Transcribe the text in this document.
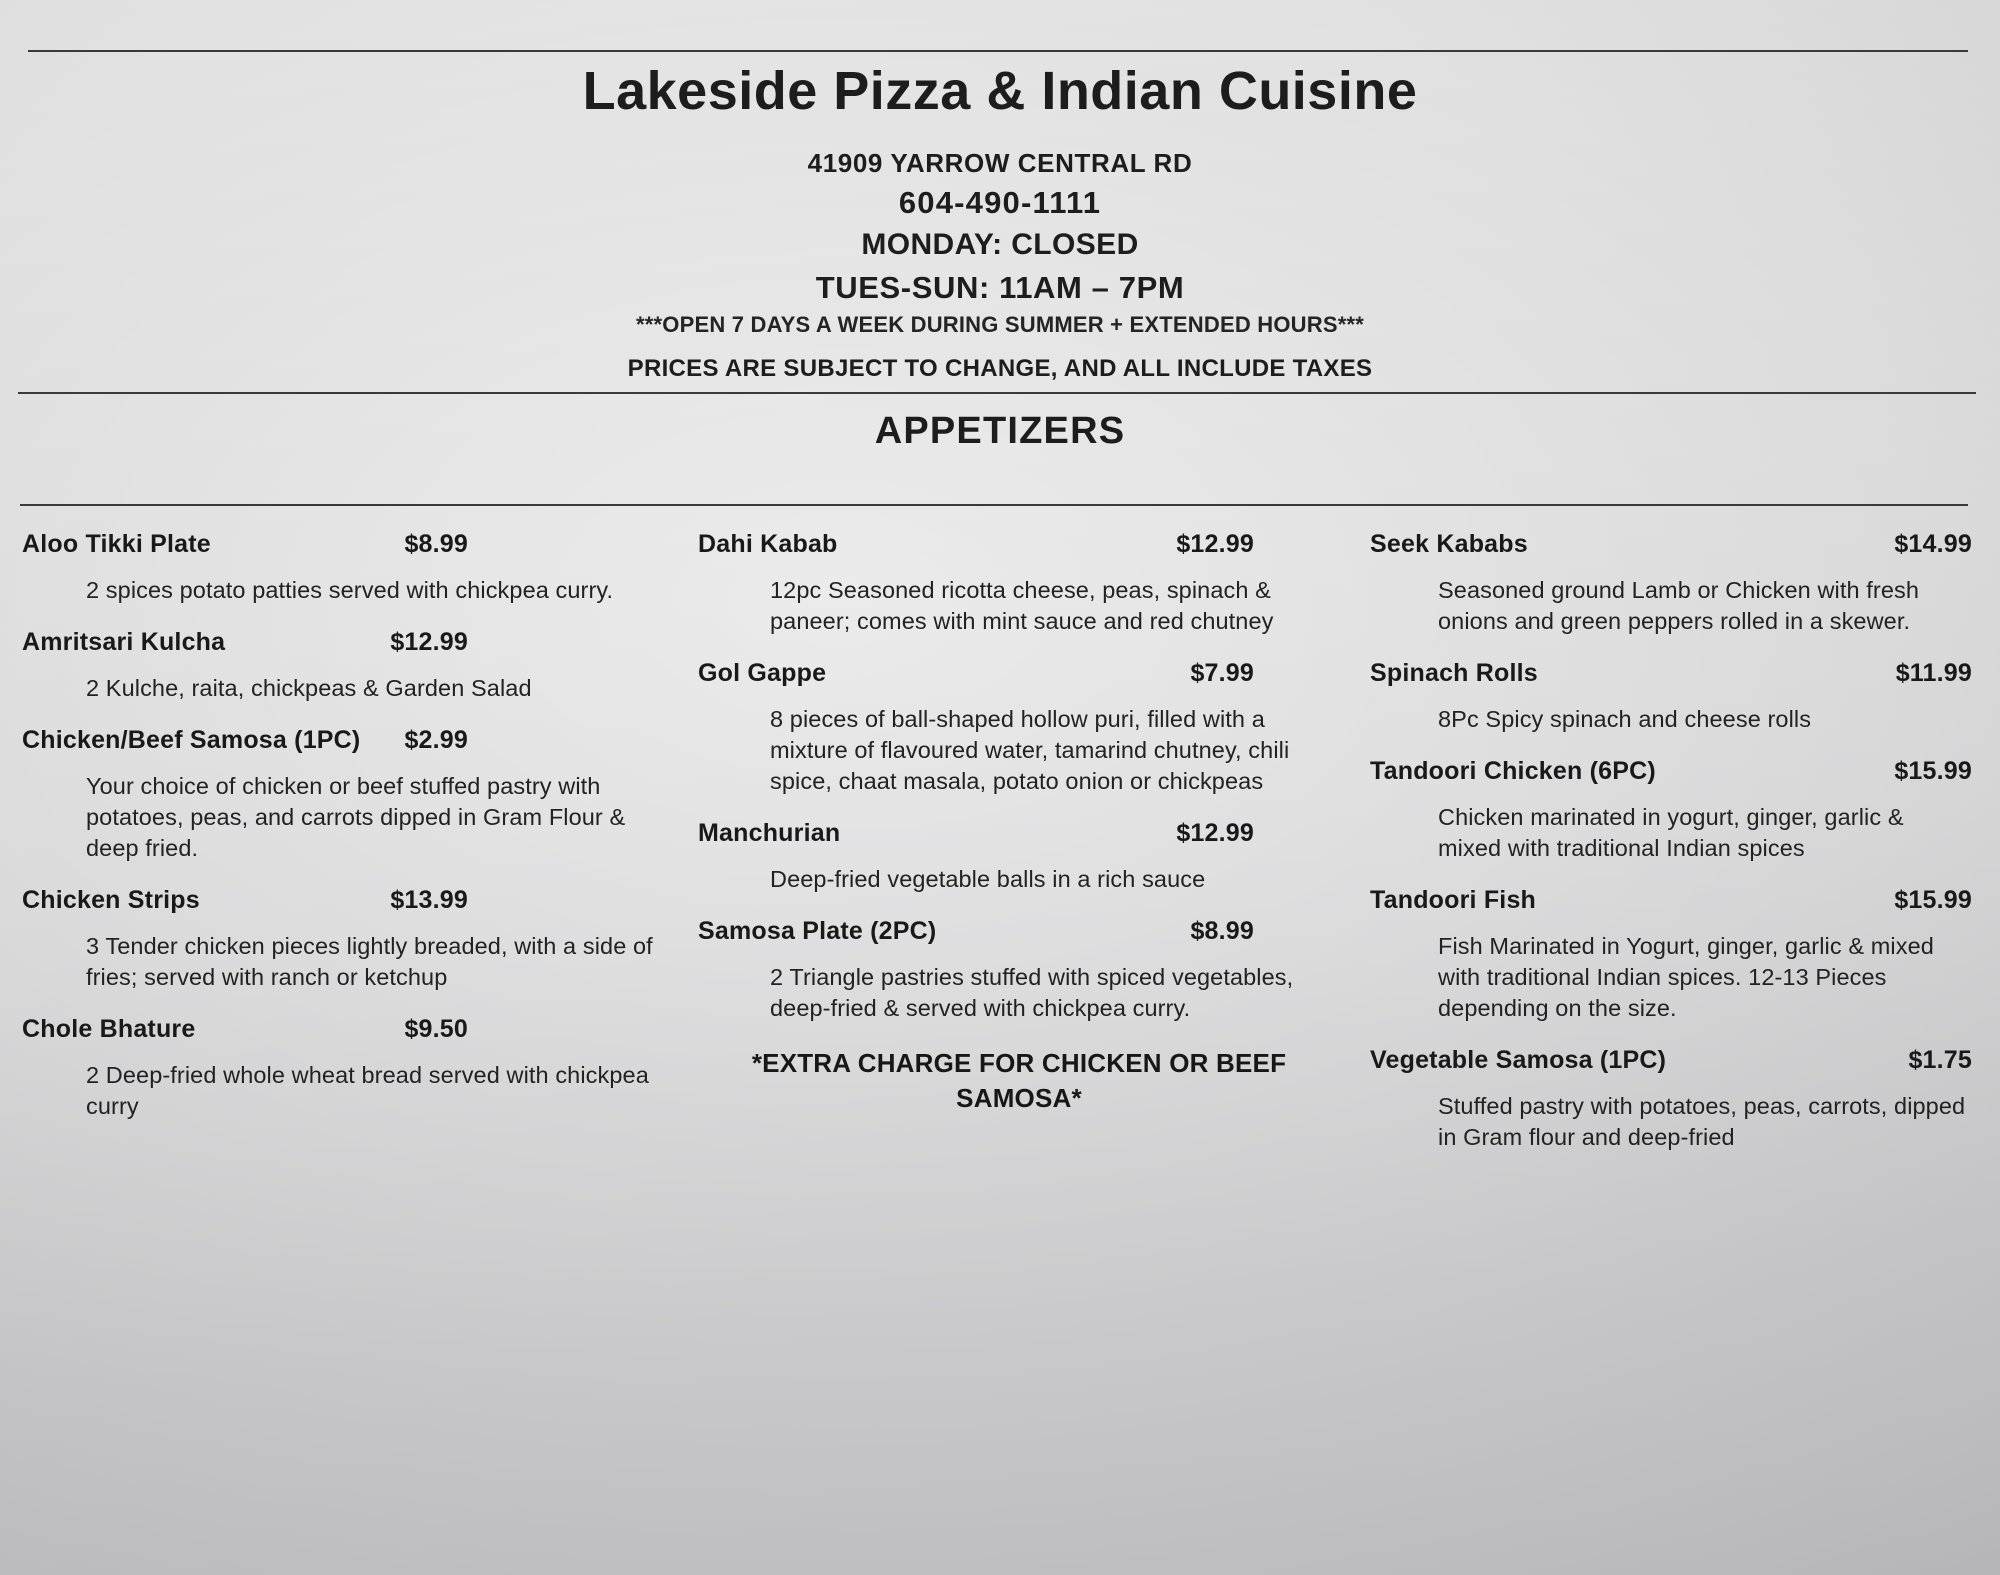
Lakeside Pizza & Indian Cuisine
41909 YARROW CENTRAL RD
604-490-1111
MONDAY: CLOSED
TUES-SUN: 11AM – 7PM
***OPEN 7 DAYS A WEEK DURING SUMMER + EXTENDED HOURS***
PRICES ARE SUBJECT TO CHANGE, AND ALL INCLUDE TAXES
APPETIZERS
Aloo Tikki Plate	$8.99
2 spices potato patties served with chickpea curry.
Amritsari Kulcha	$12.99
2 Kulche, raita, chickpeas & Garden Salad
Chicken/Beef Samosa (1PC) $2.99
Your choice of chicken or beef stuffed pastry with potatoes, peas, and carrots dipped in Gram Flour & deep fried.
Chicken Strips	$13.99
3 Tender chicken pieces lightly breaded, with a side of fries; served with ranch or ketchup
Chole Bhature	$9.50
2 Deep-fried whole wheat bread served with chickpea curry
Dahi Kabab	$12.99
12pc Seasoned ricotta cheese, peas, spinach & paneer; comes with mint sauce and red chutney
Gol Gappe	$7.99
8 pieces of ball-shaped hollow puri, filled with a mixture of flavoured water, tamarind chutney, chili spice, chaat masala, potato onion or chickpeas
Manchurian	$12.99
Deep-fried vegetable balls in a rich sauce
Samosa Plate (2PC)	$8.99
2 Triangle pastries stuffed with spiced vegetables, deep-fried & served with chickpea curry.
*EXTRA CHARGE FOR CHICKEN OR BEEF SAMOSA*
Seek Kababs	$14.99
Seasoned ground Lamb or Chicken with fresh onions and green peppers rolled in a skewer.
Spinach Rolls	$11.99
8Pc Spicy spinach and cheese rolls
Tandoori Chicken (6PC)	$15.99
Chicken marinated in yogurt, ginger, garlic & mixed with traditional Indian spices
Tandoori Fish	$15.99
Fish Marinated in Yogurt, ginger, garlic & mixed with traditional Indian spices. 12-13 Pieces depending on the size.
Vegetable Samosa (1PC)	$1.75
Stuffed pastry with potatoes, peas, carrots, dipped in Gram flour and deep-fried
